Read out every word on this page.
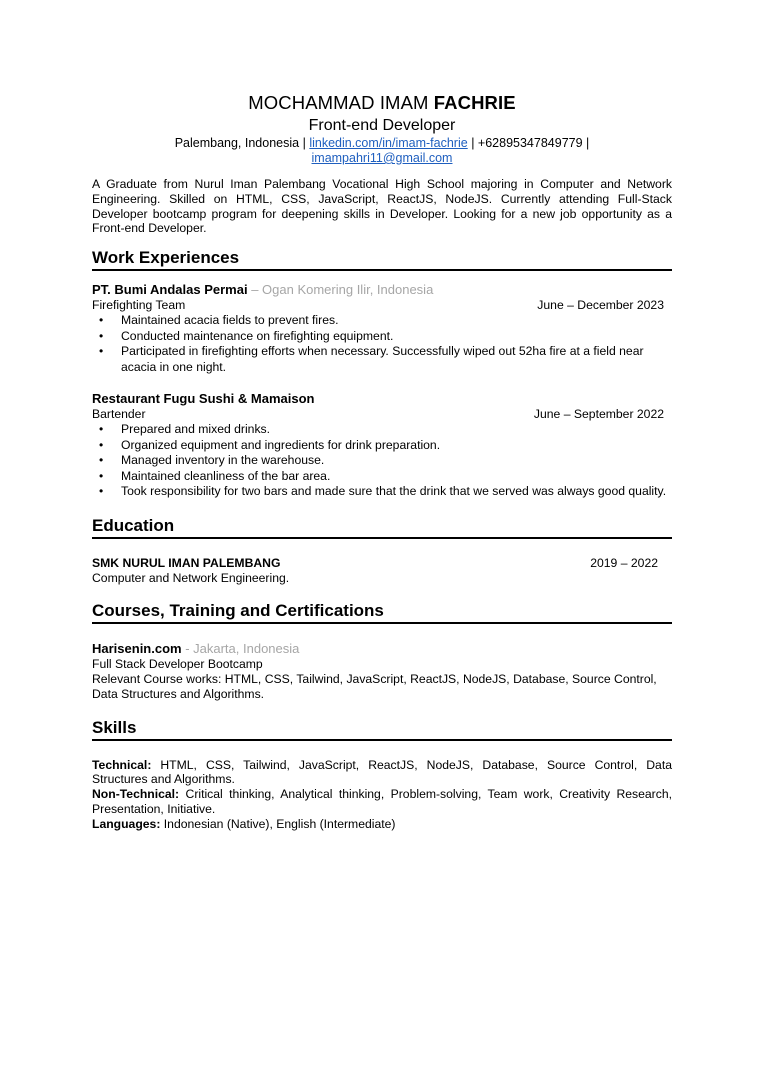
MOCHAMMAD IMAM FACHRIE
Front-end Developer
Palembang, Indonesia | linkedin.com/in/imam-fachrie | +62895347849779 |
imampahri11@gmail.com
A Graduate from Nurul Iman Palembang Vocational High School majoring in Computer and Network Engineering. Skilled on HTML, CSS, JavaScript, ReactJS, NodeJS. Currently attending Full-Stack Developer bootcamp program for deepening skills in Developer. Looking for a new job opportunity as a Front-end Developer.
Work Experiences
PT. Bumi Andalas Permai – Ogan Komering Ilir, Indonesia
Firefighting Team	June – December 2023
• Maintained acacia fields to prevent fires.
• Conducted maintenance on firefighting equipment.
• Participated in firefighting efforts when necessary. Successfully wiped out 52ha fire at a field near acacia in one night.
Restaurant Fugu Sushi & Mamaison
Bartender	June – September 2022
• Prepared and mixed drinks.
• Organized equipment and ingredients for drink preparation.
• Managed inventory in the warehouse.
• Maintained cleanliness of the bar area.
• Took responsibility for two bars and made sure that the drink that we served was always good quality.
Education
SMK NURUL IMAN PALEMBANG	2019 – 2022
Computer and Network Engineering.
Courses, Training and Certifications
Harisenin.com - Jakarta, Indonesia
Full Stack Developer Bootcamp
Relevant Course works: HTML, CSS, Tailwind, JavaScript, ReactJS, NodeJS, Database, Source Control, Data Structures and Algorithms.
Skills
Technical: HTML, CSS, Tailwind, JavaScript, ReactJS, NodeJS, Database, Source Control, Data Structures and Algorithms.
Non-Technical: Critical thinking, Analytical thinking, Problem-solving, Team work, Creativity Research, Presentation, Initiative.
Languages: Indonesian (Native), English (Intermediate)
